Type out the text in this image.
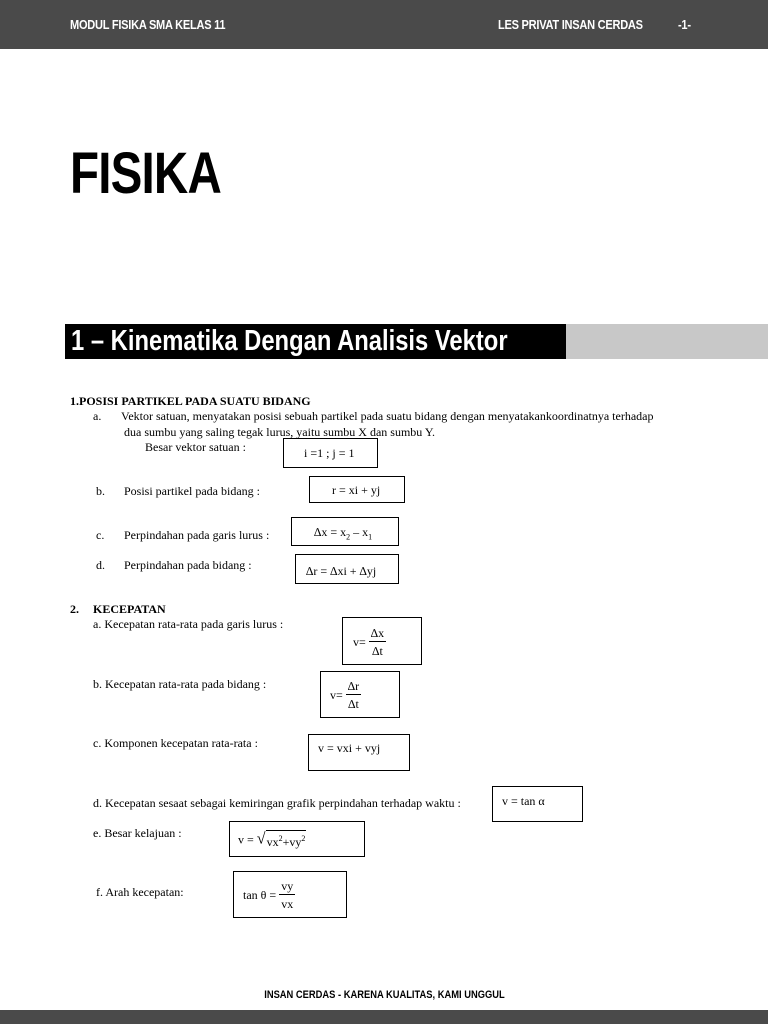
MODUL FISIKA SMA KELAS 11	LES PRIVAT INSAN CERDAS	-1-
FISIKA
1 – Kinematika Dengan Analisis Vektor
1.POSISI PARTIKEL PADA SUATU BIDANG
a. Vektor satuan, menyatakan posisi sebuah partikel pada suatu bidang dengan menyatakankoordinatnya terhadap
dua sumbu yang saling tegak lurus, yaitu sumbu X dan sumbu Y.
Besar vektor satuan :	i =1 ; j = 1
b. Posisi partikel pada bidang :	r = xi + yj
c. Perpindahan pada garis lurus :	$\Delta x = x_2 - x_1$
d. Perpindahan pada bidang :	∆r = ∆xi + ∆yj
2. KECEPATAN
a. Kecepatan rata-rata pada garis lurus :
$v= \frac{\Delta x}{\Delta t}$
b. Kecepatan rata-rata pada bidang :
$v= \frac{\Delta r}{\Delta t}$
c. Komponen kecepatan rata-rata :	v = vxi + vyj
d. Kecepatan sesaat sebagai kemiringan grafik perpindahan terhadap waktu :	v = tan α
e. Besar kelajuan :	$v = √vx^2+vy^2$
f. Arah kecepatan:	$\tan \theta = \frac{vy}{vx}$
INSAN CERDAS - KARENA KUALITAS, KAMI UNGGUL
